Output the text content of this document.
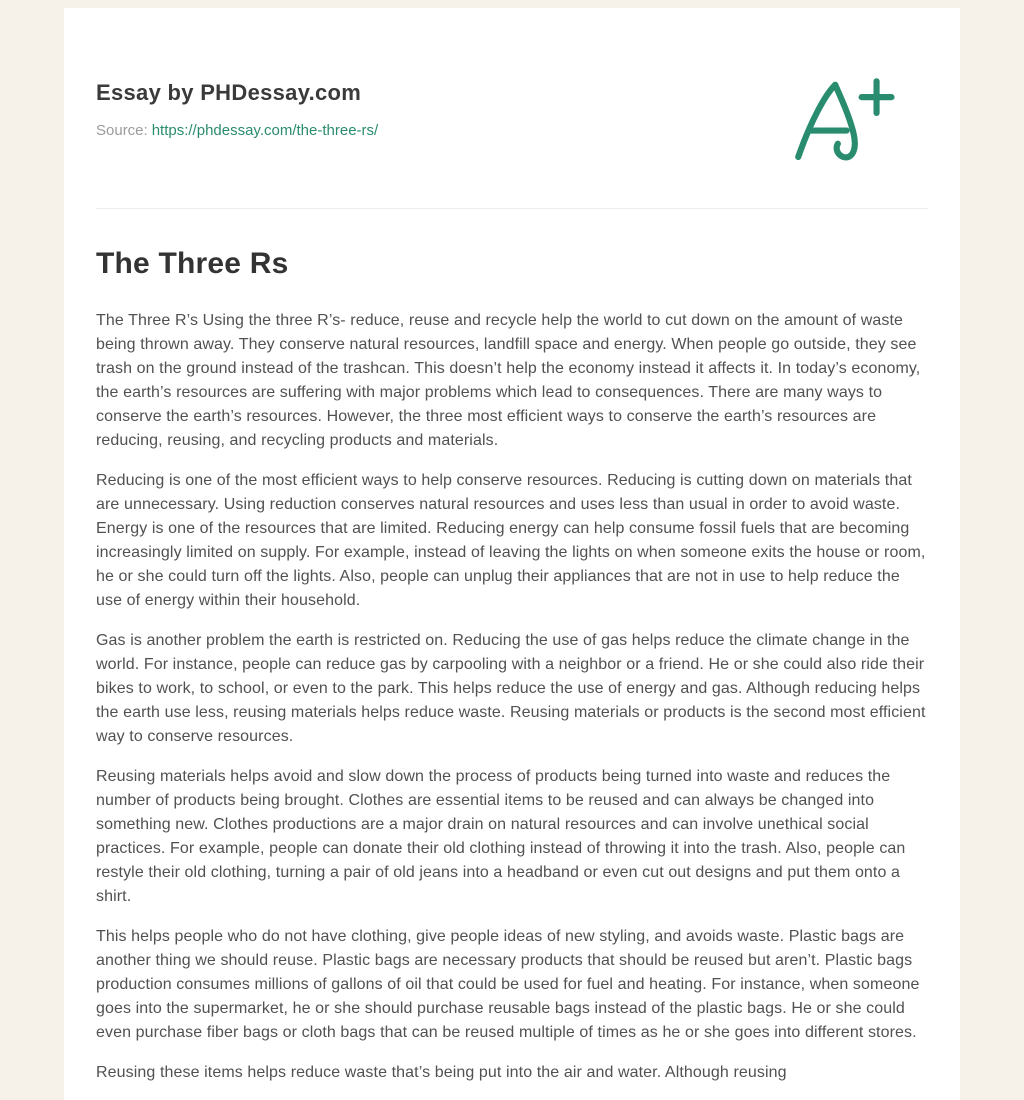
Essay by PHDessay.com
Source: https://phdessay.com/the-three-rs/
The Three Rs

The Three R’s Using the three R’s- reduce, reuse and recycle help the world to cut down on the amount of waste being thrown away. They conserve natural resources, landfill space and energy. When people go outside, they see trash on the ground instead of the trashcan. This doesn’t help the economy instead it affects it. In today’s economy, the earth’s resources are suffering with major problems which lead to consequences. There are many ways to conserve the earth’s resources. However, the three most efficient ways to conserve the earth’s resources are reducing, reusing, and recycling products and materials.

Reducing is one of the most efficient ways to help conserve resources. Reducing is cutting down on materials that are unnecessary. Using reduction conserves natural resources and uses less than usual in order to avoid waste. Energy is one of the resources that are limited. Reducing energy can help consume fossil fuels that are becoming increasingly limited on supply. For example, instead of leaving the lights on when someone exits the house or room, he or she could turn off the lights. Also, people can unplug their appliances that are not in use to help reduce the use of energy within their household.

Gas is another problem the earth is restricted on. Reducing the use of gas helps reduce the climate change in the world. For instance, people can reduce gas by carpooling with a neighbor or a friend. He or she could also ride their bikes to work, to school, or even to the park. This helps reduce the use of energy and gas. Although reducing helps the earth use less, reusing materials helps reduce waste. Reusing materials or products is the second most efficient way to conserve resources.

Reusing materials helps avoid and slow down the process of products being turned into waste and reduces the number of products being brought. Clothes are essential items to be reused and can always be changed into something new. Clothes productions are a major drain on natural resources and can involve unethical social practices. For example, people can donate their old clothing instead of throwing it into the trash. Also, people can restyle their old clothing, turning a pair of old jeans into a headband or even cut out designs and put them onto a shirt.

This helps people who do not have clothing, give people ideas of new styling, and avoids waste. Plastic bags are another thing we should reuse. Plastic bags are necessary products that should be reused but aren’t. Plastic bags production consumes millions of gallons of oil that could be used for fuel and heating. For instance, when someone goes into the supermarket, he or she should purchase reusable bags instead of the plastic bags. He or she could even purchase fiber bags or cloth bags that can be reused multiple of times as he or she goes into different stores.

Reusing these items helps reduce waste that’s being put into the air and water. Although reusing
